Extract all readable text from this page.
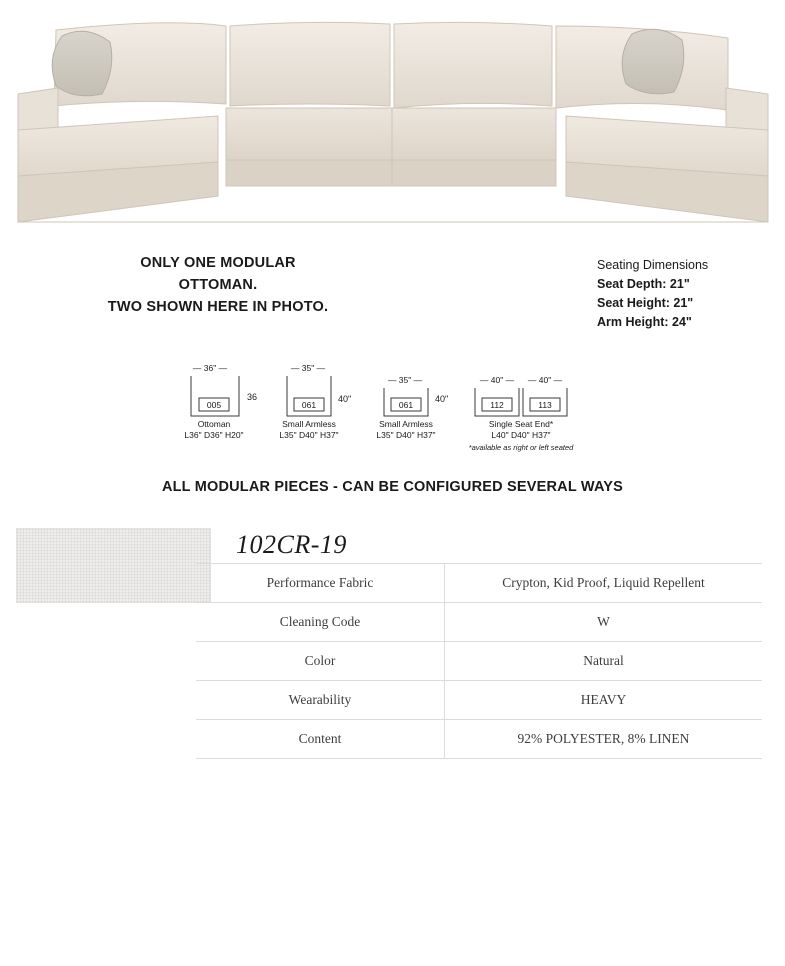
ONLY ONE MODULAR
OTTOMAN.
TWO SHOWN HERE IN PHOTO.
Seating Dimensions
Seat Depth: 21"
Seat Height: 21"
Arm Height: 24"
— 36" —
36
005
Ottoman
L36" D36" H20"
— 35" —
40"
061
Small Armless
L35" D40" H37"
— 35" —
40"
061
Small Armless
L35" D40" H37"
— 40" —
112
— 40" —
113
Single Seat End*
L40" D40" H37"
*available as right or left seated
ALL MODULAR PIECES - CAN BE CONFIGURED SEVERAL WAYS
102CR-19
Performance Fabric	Crypton, Kid Proof, Liquid Repellent
Cleaning Code	W
Color	Natural
Wearability	HEAVY
Content	92% POLYESTER, 8% LINEN
